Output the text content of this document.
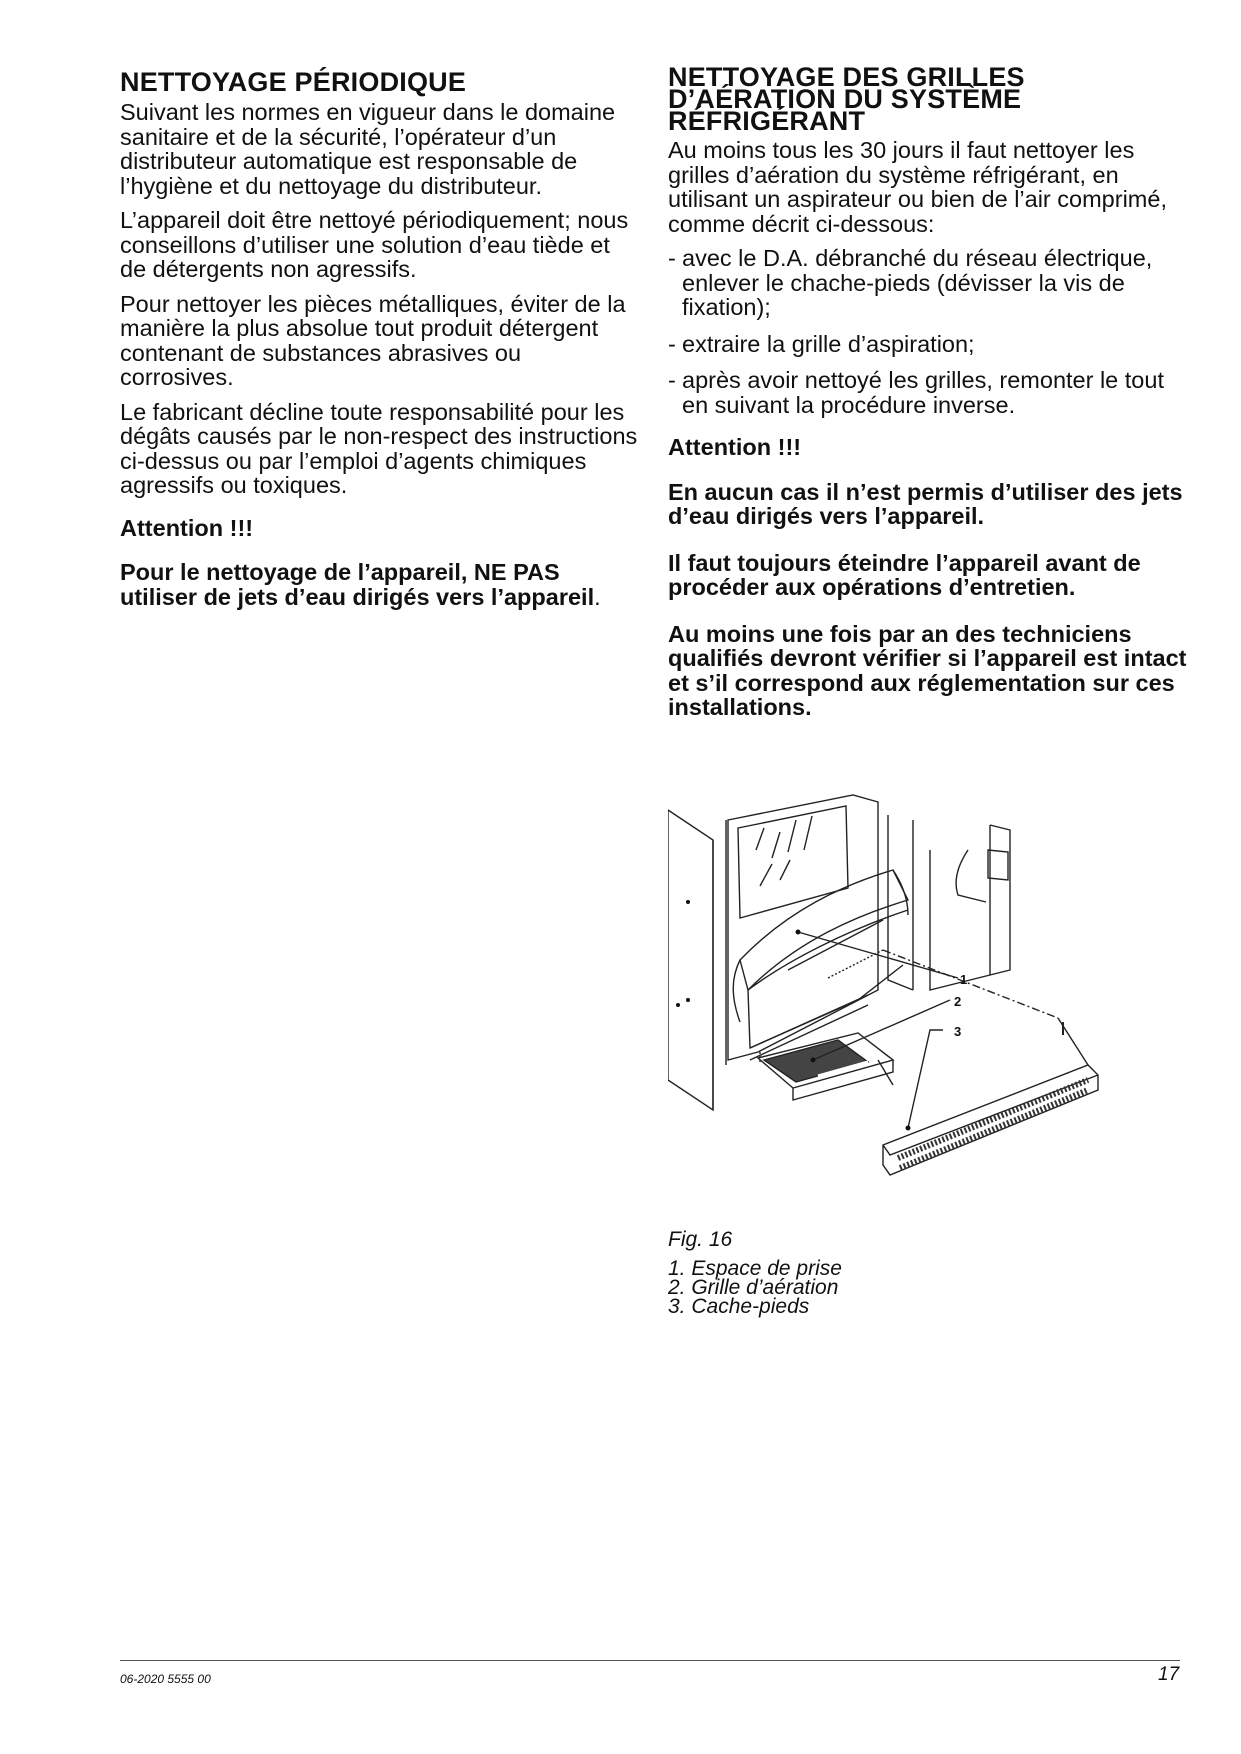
NETTOYAGE PÉRIODIQUE

Suivant les normes en vigueur dans le domaine sanitaire et de la sécurité, l’opérateur d’un distributeur automatique est responsable de l’hygiène et du nettoyage du distributeur.

L’appareil doit être nettoyé périodiquement; nous conseillons d’utiliser une solution d’eau tiède et de détergents non agressifs.

Pour nettoyer les pièces métalliques, éviter de la manière la plus absolue tout produit détergent contenant de substances abrasives ou corrosives.

Le fabricant décline toute responsabilité pour les dégâts causés par le non-respect des instructions ci-dessus ou par l’emploi d’agents chimiques agressifs ou toxiques.

Attention !!!

Pour le nettoyage de l’appareil, NE PAS utiliser de jets d’eau dirigés vers l’appareil.

NETTOYAGE DES GRILLES D’AÉRATION DU SYSTÈME RÉFRIGÉRANT

Au moins tous les 30 jours il faut nettoyer les grilles d’aération du système réfrigérant, en utilisant un aspirateur ou bien de l’air comprimé, comme décrit ci-dessous:

- avec le D.A. débranché du réseau électrique, enlever le chache-pieds (dévisser la vis de fixation);
- extraire la grille d’aspiration;
- après avoir nettoyé les grilles, remonter le tout en suivant la procédure inverse.

Attention !!!

En aucun cas il n’est permis d’utiliser des jets d’eau dirigés vers l’appareil.

Il faut toujours éteindre l’appareil avant de procéder aux opérations d’entretien.

Au moins une fois par an des techniciens qualifiés devront vérifier si l’appareil est intact et s’il correspond aux réglementation sur ces installations.

1
2
3
Fig. 16
1. Espace de prise
2. Grille d’aération
3. Cache-pieds
06-2020 5555 00	17
